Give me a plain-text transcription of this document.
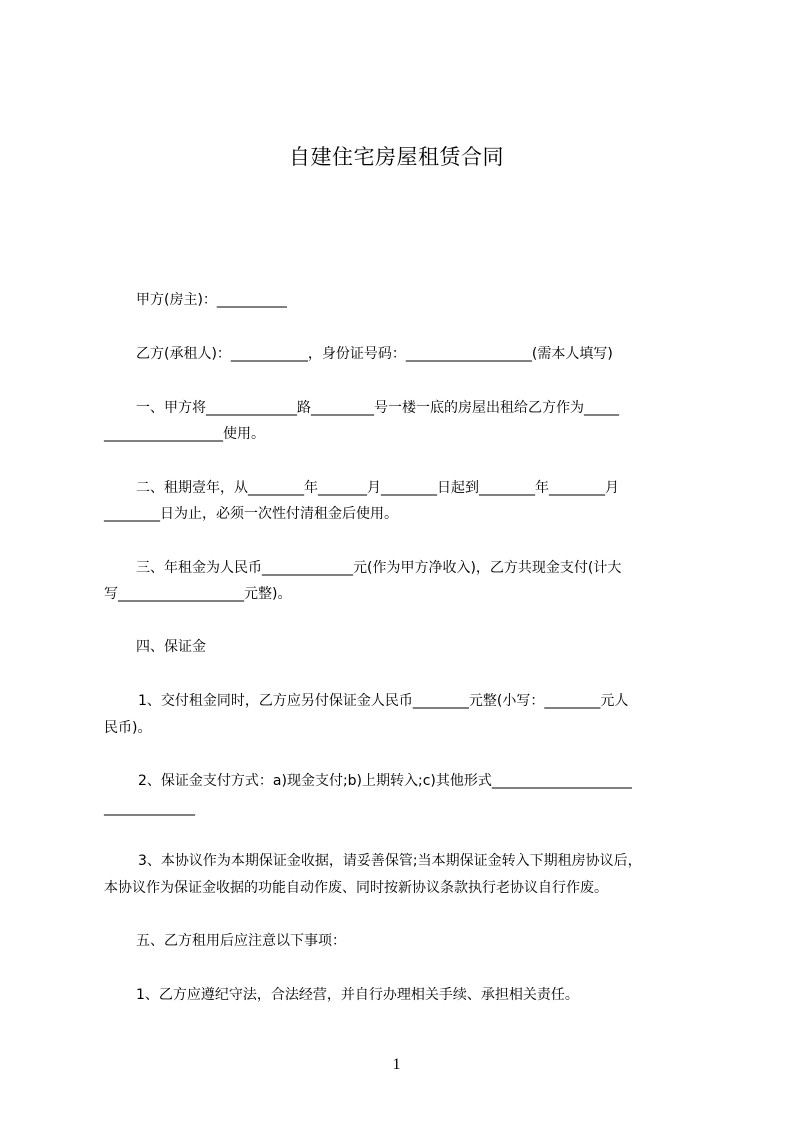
自建住宅房屋租赁合同
甲方(房主)：__________
乙方(承租人)：___________，身份证号码：__________________(需本人填写)
一、甲方将_____________路_________号一楼一底的房屋出租给乙方作为_____
_________________使用。
二、租期壹年，从________年_______月________日起到________年________月
________日为止，必须一次性付清租金后使用。
三、年租金为人民币_____________元(作为甲方净收入)，乙方共现金支付(计大
写__________________元整)。
四、保证金
1、交付租金同时，乙方应另付保证金人民币________元整(小写：________元人
民币)。
2、保证金支付方式：a)现金支付;b)上期转入;c)其他形式____________________
_____________
3、本协议作为本期保证金收据，请妥善保管;当本期保证金转入下期租房协议后，
本协议作为保证金收据的功能自动作废、同时按新协议条款执行老协议自行作废。
五、乙方租用后应注意以下事项：
1、乙方应遵纪守法，合法经营，并自行办理相关手续、承担相关责任。
1
